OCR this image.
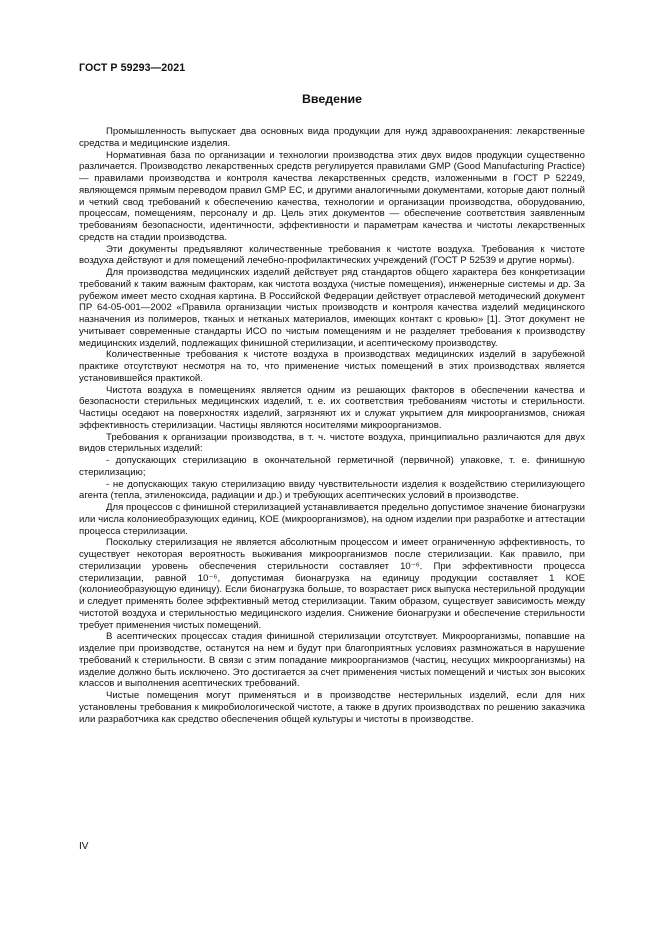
ГОСТ Р 59293—2021
Введение

Промышленность выпускает два основных вида продукции для нужд здравоохранения: лекарственные средства и медицинские изделия.

Нормативная база по организации и технологии производства этих двух видов продукции существенно различается. Производство лекарственных средств регулируется правилами GMP (Good Manufacturing Practice) — правилами производства и контроля качества лекарственных средств, изложенными в ГОСТ Р 52249, являющемся прямым переводом правил GMP ЕС, и другими аналогичными документами, которые дают полный и четкий свод требований к обеспечению качества, технологии и организации производства, оборудованию, процессам, помещениям, персоналу и др. Цель этих документов — обеспечение соответствия заявленным требованиям безопасности, идентичности, эффективности и параметрам качества и чистоты лекарственных средств на стадии производства.

Эти документы предъявляют количественные требования к чистоте воздуха. Требования к чистоте воздуха действуют и для помещений лечебно-профилактических учреждений (ГОСТ Р 52539 и другие нормы).

Для производства медицинских изделий действует ряд стандартов общего характера без конкретизации требований к таким важным факторам, как чистота воздуха (чистые помещения), инженерные системы и др. За рубежом имеет место сходная картина. В Российской Федерации действует отраслевой методический документ ПР 64-05-001—2002 «Правила организации чистых производств и контроля качества изделий медицинского назначения из полимеров, тканых и нетканых материалов, имеющих контакт с кровью» [1]. Этот документ не учитывает современные стандарты ИСО по чистым помещениям и не разделяет требования к производству медицинских изделий, подлежащих финишной стерилизации, и асептическому производству.

Количественные требования к чистоте воздуха в производствах медицинских изделий в зарубежной практике отсутствуют несмотря на то, что применение чистых помещений в этих производствах является установившейся практикой.

Чистота воздуха в помещениях является одним из решающих факторов в обеспечении качества и безопасности стерильных медицинских изделий, т. е. их соответствия требованиям чистоты и стерильности. Частицы оседают на поверхностях изделий, загрязняют их и служат укрытием для микроорганизмов, снижая эффективность стерилизации. Частицы являются носителями микроорганизмов.

Требования к организации производства, в т. ч. чистоте воздуха, принципиально различаются для двух видов стерильных изделий:

- допускающих стерилизацию в окончательной герметичной (первичной) упаковке, т. е. финишную стерилизацию;

- не допускающих такую стерилизацию ввиду чувствительности изделия к воздействию стерилизующего агента (тепла, этиленоксида, радиации и др.) и требующих асептических условий в производстве.

Для процессов с финишной стерилизацией устанавливается предельно допустимое значение бионагрузки или числа колониеобразующих единиц, КОЕ (микроорганизмов), на одном изделии при разработке и аттестации процесса стерилизации.

Поскольку стерилизация не является абсолютным процессом и имеет ограниченную эффективность, то существует некоторая вероятность выживания микроорганизмов после стерилизации. Как правило, при стерилизации уровень обеспечения стерильности составляет 10⁻⁶. При эффективности процесса стерилизации, равной 10⁻⁶, допустимая бионагрузка на единицу продукции составляет 1 КОЕ (колониеобразующую единицу). Если бионагрузка больше, то возрастает риск выпуска нестерильной продукции и следует применять более эффективный метод стерилизации. Таким образом, существует зависимость между чистотой воздуха и стерильностью медицинского изделия. Снижение бионагрузки и обеспечение стерильности требует применения чистых помещений.

В асептических процессах стадия финишной стерилизации отсутствует. Микроорганизмы, попавшие на изделие при производстве, останутся на нем и будут при благоприятных условиях размножаться в нарушение требований к стерильности. В связи с этим попадание микроорганизмов (частиц, несущих микроорганизмы) на изделие должно быть исключено. Это достигается за счет применения чистых помещений и чистых зон высоких классов и выполнения асептических требований.

Чистые помещения могут применяться и в производстве нестерильных изделий, если для них установлены требования к микробиологической чистоте, а также в других производствах по решению заказчика или разработчика как средство обеспечения общей культуры и чистоты в производстве.

IV
